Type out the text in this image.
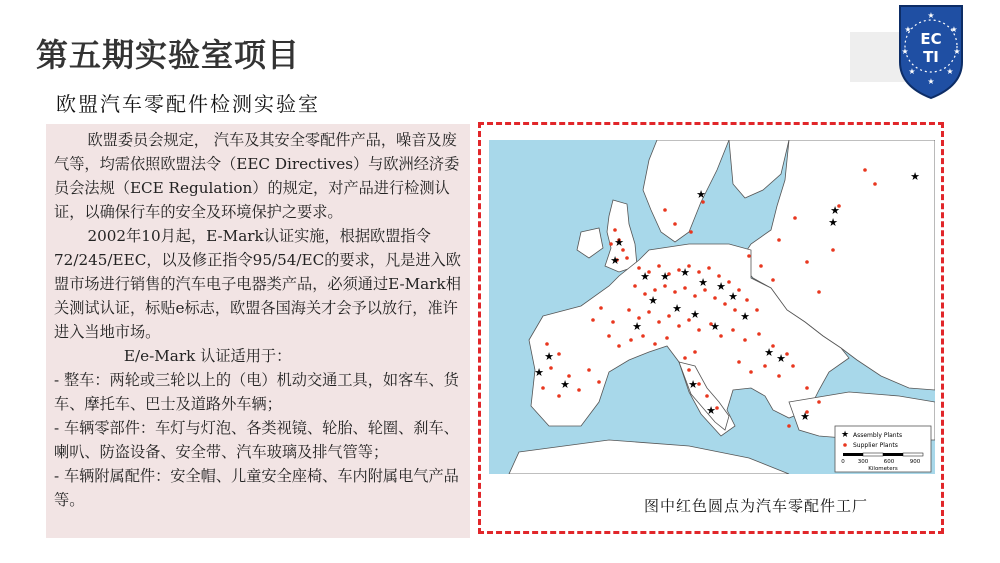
第五期实验室项目
欧盟汽车零配件检测实验室
★
★	★
★	★
★	★
★
EC
TI

欧盟委员会规定， 汽车及其安全零配件产品，噪音及废气等，均需依照欧盟法令（EEC Directives）与欧洲经济委员会法规（ECE Regulation）的规定，对产品进行检测认证，以确保行车的安全及环境保护之要求。

2002年10月起，E-Mark认证实施，根据欧盟指令72/245/EEC，以及修正指令95/54/EC的要求，凡是进入欧盟市场进行销售的汽车电子电器类产品，必须通过E-Mark相关测试认证，标贴e标志，欧盟各国海关才会予以放行，准许进入当地市场。

E/e-Mark 认证适用于：

- 整车：两轮或三轮以上的（电）机动交通工具，如客车、货车、摩托车、巴士及道路外车辆；

- 车辆零部件：车灯与灯泡、各类视镜、轮胎、轮圈、刹车、喇叭、防盗设备、安全带、汽车玻璃及排气管等；

- 车辆附属配件：安全帽、儿童安全座椅、车内附属电气产品等。

★
★
★ ★ ★
★ ★
★
★
★ ★
★	★
★
★
★
★
★
★
★ ★
★
★
★
★
★
★ Assembly Plants
Supplier Plants
0 300	600	900
Kilometers
图中红色圆点为汽车零配件工厂
